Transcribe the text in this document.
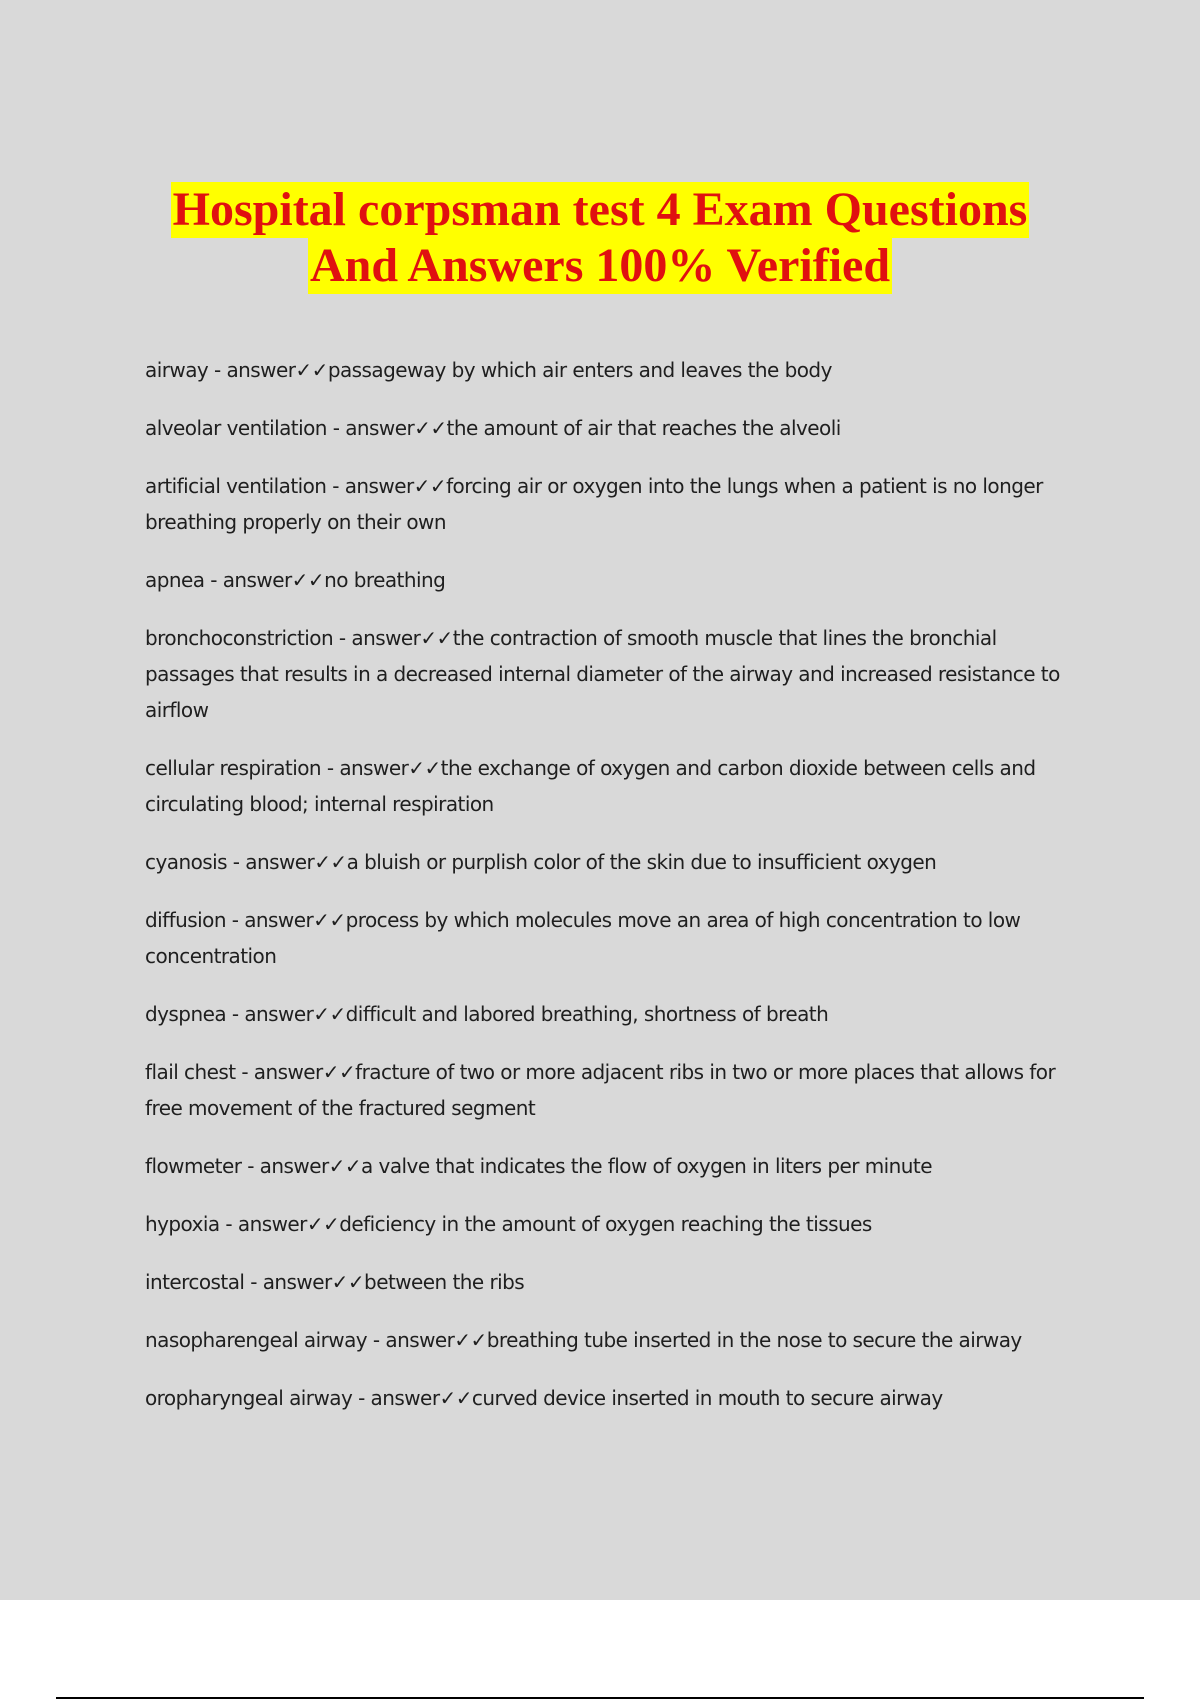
Hospital corpsman test 4 Exam Questions
And Answers 100% Verified

airway - answer✓✓passageway by which air enters and leaves the body

alveolar ventilation - answer✓✓the amount of air that reaches the alveoli

artificial ventilation - answer✓✓forcing air or oxygen into the lungs when a patient is no longer breathing properly on their own

apnea - answer✓✓no breathing

bronchoconstriction - answer✓✓the contraction of smooth muscle that lines the bronchial passages that results in a decreased internal diameter of the airway and increased resistance to airflow

cellular respiration - answer✓✓the exchange of oxygen and carbon dioxide between cells and circulating blood; internal respiration

cyanosis - answer✓✓a bluish or purplish color of the skin due to insufficient oxygen

diffusion - answer✓✓process by which molecules move an area of high concentration to low concentration

dyspnea - answer✓✓difficult and labored breathing, shortness of breath

flail chest - answer✓✓fracture of two or more adjacent ribs in two or more places that allows for free movement of the fractured segment

flowmeter - answer✓✓a valve that indicates the flow of oxygen in liters per minute

hypoxia - answer✓✓deficiency in the amount of oxygen reaching the tissues

intercostal - answer✓✓between the ribs

nasopharengeal airway - answer✓✓breathing tube inserted in the nose to secure the airway

oropharyngeal airway - answer✓✓curved device inserted in mouth to secure airway
